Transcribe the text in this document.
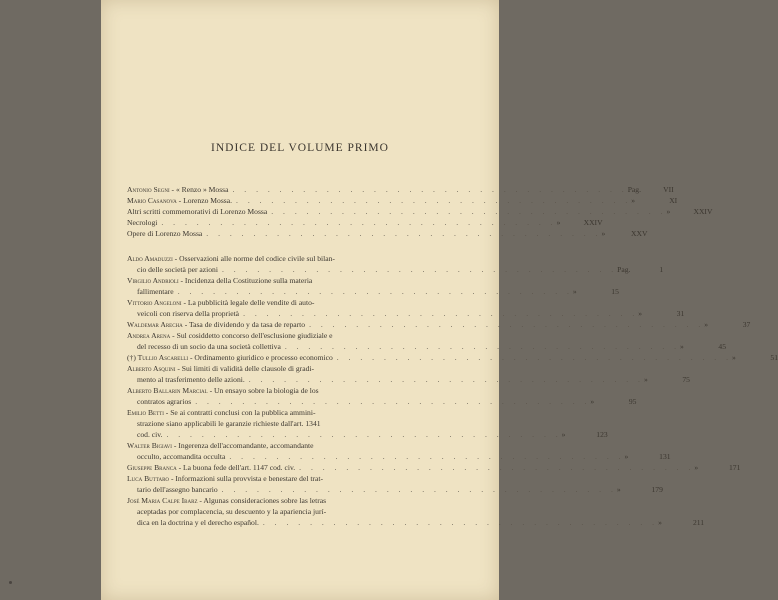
INDICE DEL VOLUME PRIMO
Antonio Segni - « Renzo » Mossa . . . . . . . . . . . . . . . . . . . . . . . . . . . . . . . . . . Pag.	VII
Mario Casanova - Lorenzo Mossa. . . . . . . . . . . . . . . . . . . . . . . . . . . . . . . . . . . »	XI
Altri scritti commemorativi di Lorenzo Mossa . . . . . . . . . . . . . . . . . . . . . . . . . . . . . . . . . . »	XXIV
Necrologi . . . . . . . . . . . . . . . . . . . . . . . . . . . . . . . . . . »	XXIV
Opere di Lorenzo Mossa . . . . . . . . . . . . . . . . . . . . . . . . . . . . . . . . . . »	XXV
Aldo Amaduzzi - Osservazioni alle norme del codice civile sul bilan-
cio delle società per azioni . . . . . . . . . . . . . . . . . . . . . . . . . . . . . . . . . . Pag.	1
Virgilio Andrioli - Incidenza della Costituzione sulla materia
fallimentare . . . . . . . . . . . . . . . . . . . . . . . . . . . . . . . . . . »	15
Vittorio Angeloni - La pubblicità legale delle vendite di auto-
veicoli con riserva della proprietà . . . . . . . . . . . . . . . . . . . . . . . . . . . . . . . . . . »	31
Waldemar Arecha - Tasa de dividendo y da tasa de reparto . . . . . . . . . . . . . . . . . . . . . . . . . . . . . . . . . . »	37
Andrea Arena - Sul cosiddetto concorso dell'esclusione giudiziale e
del recesso di un socio da una società collettiva . . . . . . . . . . . . . . . . . . . . . . . . . . . . . . . . . . »	45
(†) Tullio Ascarelli - Ordinamento giuridico e processo economico . . . . . . . . . . . . . . . . . . . . . . . . . . . . . . . . . . »	51
Alberto Asquini - Sui limiti di validità delle clausole di gradi-
mento al trasferimento delle azioni. . . . . . . . . . . . . . . . . . . . . . . . . . . . . . . . . . . »	75
Alberto Ballarin Marcial - Un ensayo sobre la biologia de los
contratos agrarios . . . . . . . . . . . . . . . . . . . . . . . . . . . . . . . . . . »	95
Emilio Betti - Se ai contratti conclusi con la pubblica ammini-
strazione siano applicabili le garanzie richieste dall'art. 1341
cod. civ. . . . . . . . . . . . . . . . . . . . . . . . . . . . . . . . . . . »	123
Walter Bigiavi - Ingerenza dell'accomandante, accomandante
occulto, accomandita occulta . . . . . . . . . . . . . . . . . . . . . . . . . . . . . . . . . . »	131
Giuseppe Branca - La buona fede dell'art. 1147 cod. civ. . . . . . . . . . . . . . . . . . . . . . . . . . . . . . . . . . . »	171
Luca Buttaro - Informazioni sulla provvista e benestare del trat-
tario dell'assegno bancario . . . . . . . . . . . . . . . . . . . . . . . . . . . . . . . . . . »	179
José Maria Calpe Ibarz - Algunas consideraciones sobre las letras
aceptadas por complacencia, su descuento y la apariencia jurí-
dica en la doctrina y el derecho español. . . . . . . . . . . . . . . . . . . . . . . . . . . . . . . . . . . »	211
